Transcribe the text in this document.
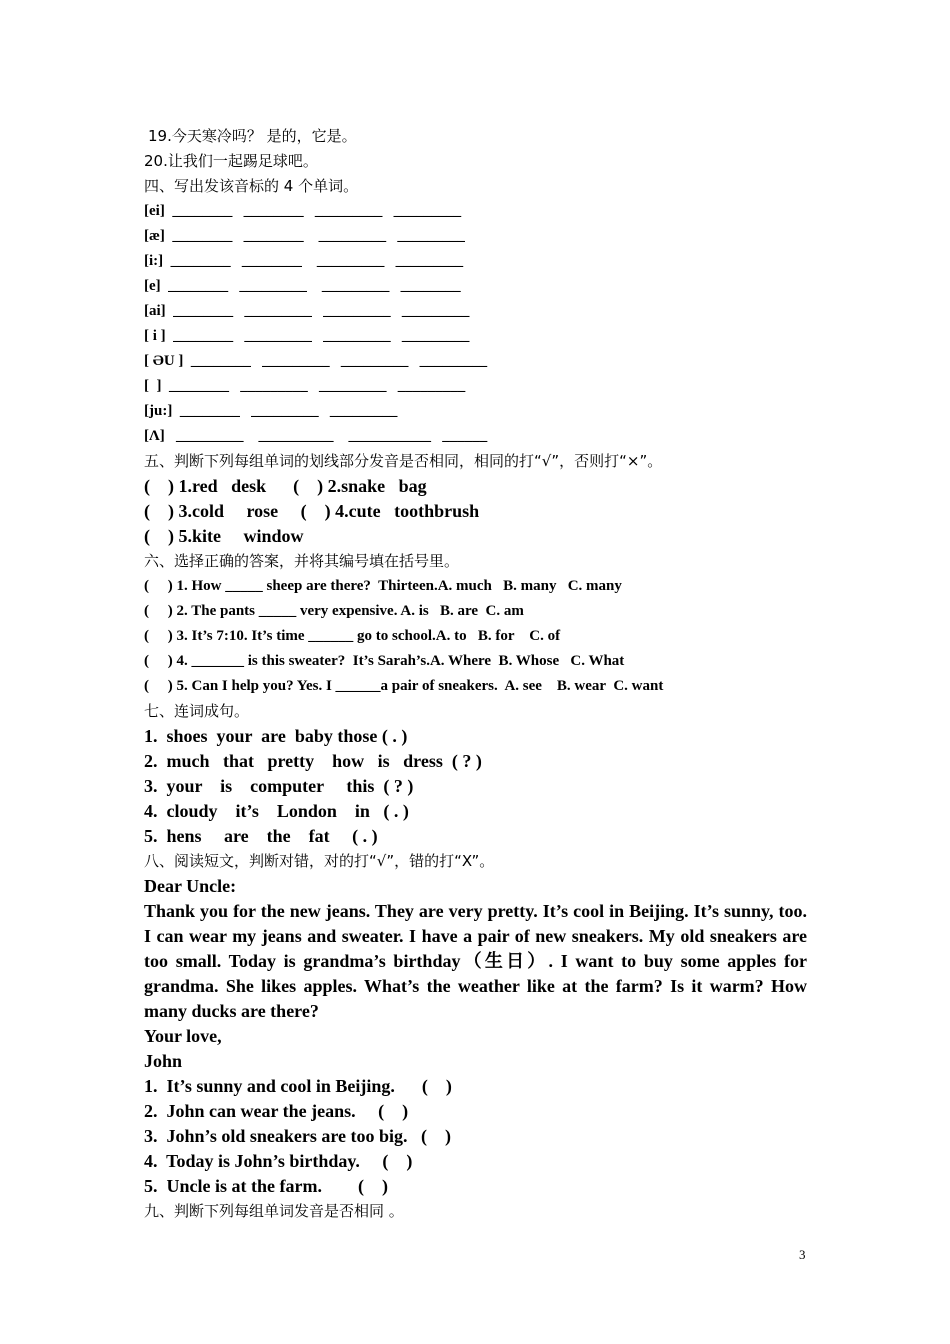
19.今天寒冷吗？ 是的，它是。
20.让我们一起踢足球吧。
四、写出发该音标的 4 个单词。
[ei]  ________   ________   _________   _________
[æ]  ________   ________    _________   _________
[i:]  ________   ________    _________   _________
[e]  ________   _________    _________   ________
[ai]  ________   _________   _________   _________
[ i ]  ________   _________   _________   _________
[ ƏU ]  ________   _________   _________   _________
[  ]  ________   _________   _________   _________
[ju:]  ________   _________   _________
[Λ]   _________    __________    ___________   ______
五、判断下列每组单词的划线部分发音是否相同，相同的打“√”，否则打“×”。
(    ) 1.red   desk      (    ) 2.snake   bag
(    ) 3.cold     rose     (    ) 4.cute   toothbrush
(    ) 5.kite     window
六、选择正确的答案，并将其编号填在括号里。
(     ) 1. How _____ sheep are there?  Thirteen.A. much   B. many   C. many
(     ) 2. The pants _____ very expensive. A. is   B. are  C. am
(     ) 3. It’s 7:10. It’s time ______ go to school.A. to   B. for    C. of
(     ) 4. _______ is this sweater?  It’s Sarah’s.A. Where  B. Whose   C. What
(     ) 5. Can I help you? Yes. I ______a pair of sneakers.  A. see    B. wear  C. want
七、连词成句。
1.  shoes  your  are  baby those ( . )
2.  much   that   pretty    how   is   dress  ( ? )
3.  your    is    computer     this  ( ? )
4.  cloudy    it’s    London    in   ( . )
5.  hens     are    the    fat     ( . )
八、阅读短文，判断对错，对的打“√”，错的打“X”。
Dear Uncle:

Thank you for the new jeans. They are very pretty. It’s cool in Beijing. It’s sunny, too. I can wear my jeans and sweater. I have a pair of new sneakers. My old sneakers are too small. Today is grandma’s birthday（生日）. I want to buy some apples for grandma. She likes apples. What’s the weather like at the farm? Is it warm? How many ducks are there?

Your love,
John
1.  It’s sunny and cool in Beijing.      (    )
2.  John can wear the jeans.     (    )
3.  John’s old sneakers are too big.   (    )
4.  Today is John’s birthday.     (    )
5.  Uncle is at the farm.        (    )
九、判断下列每组单词发音是否相同 。
3
